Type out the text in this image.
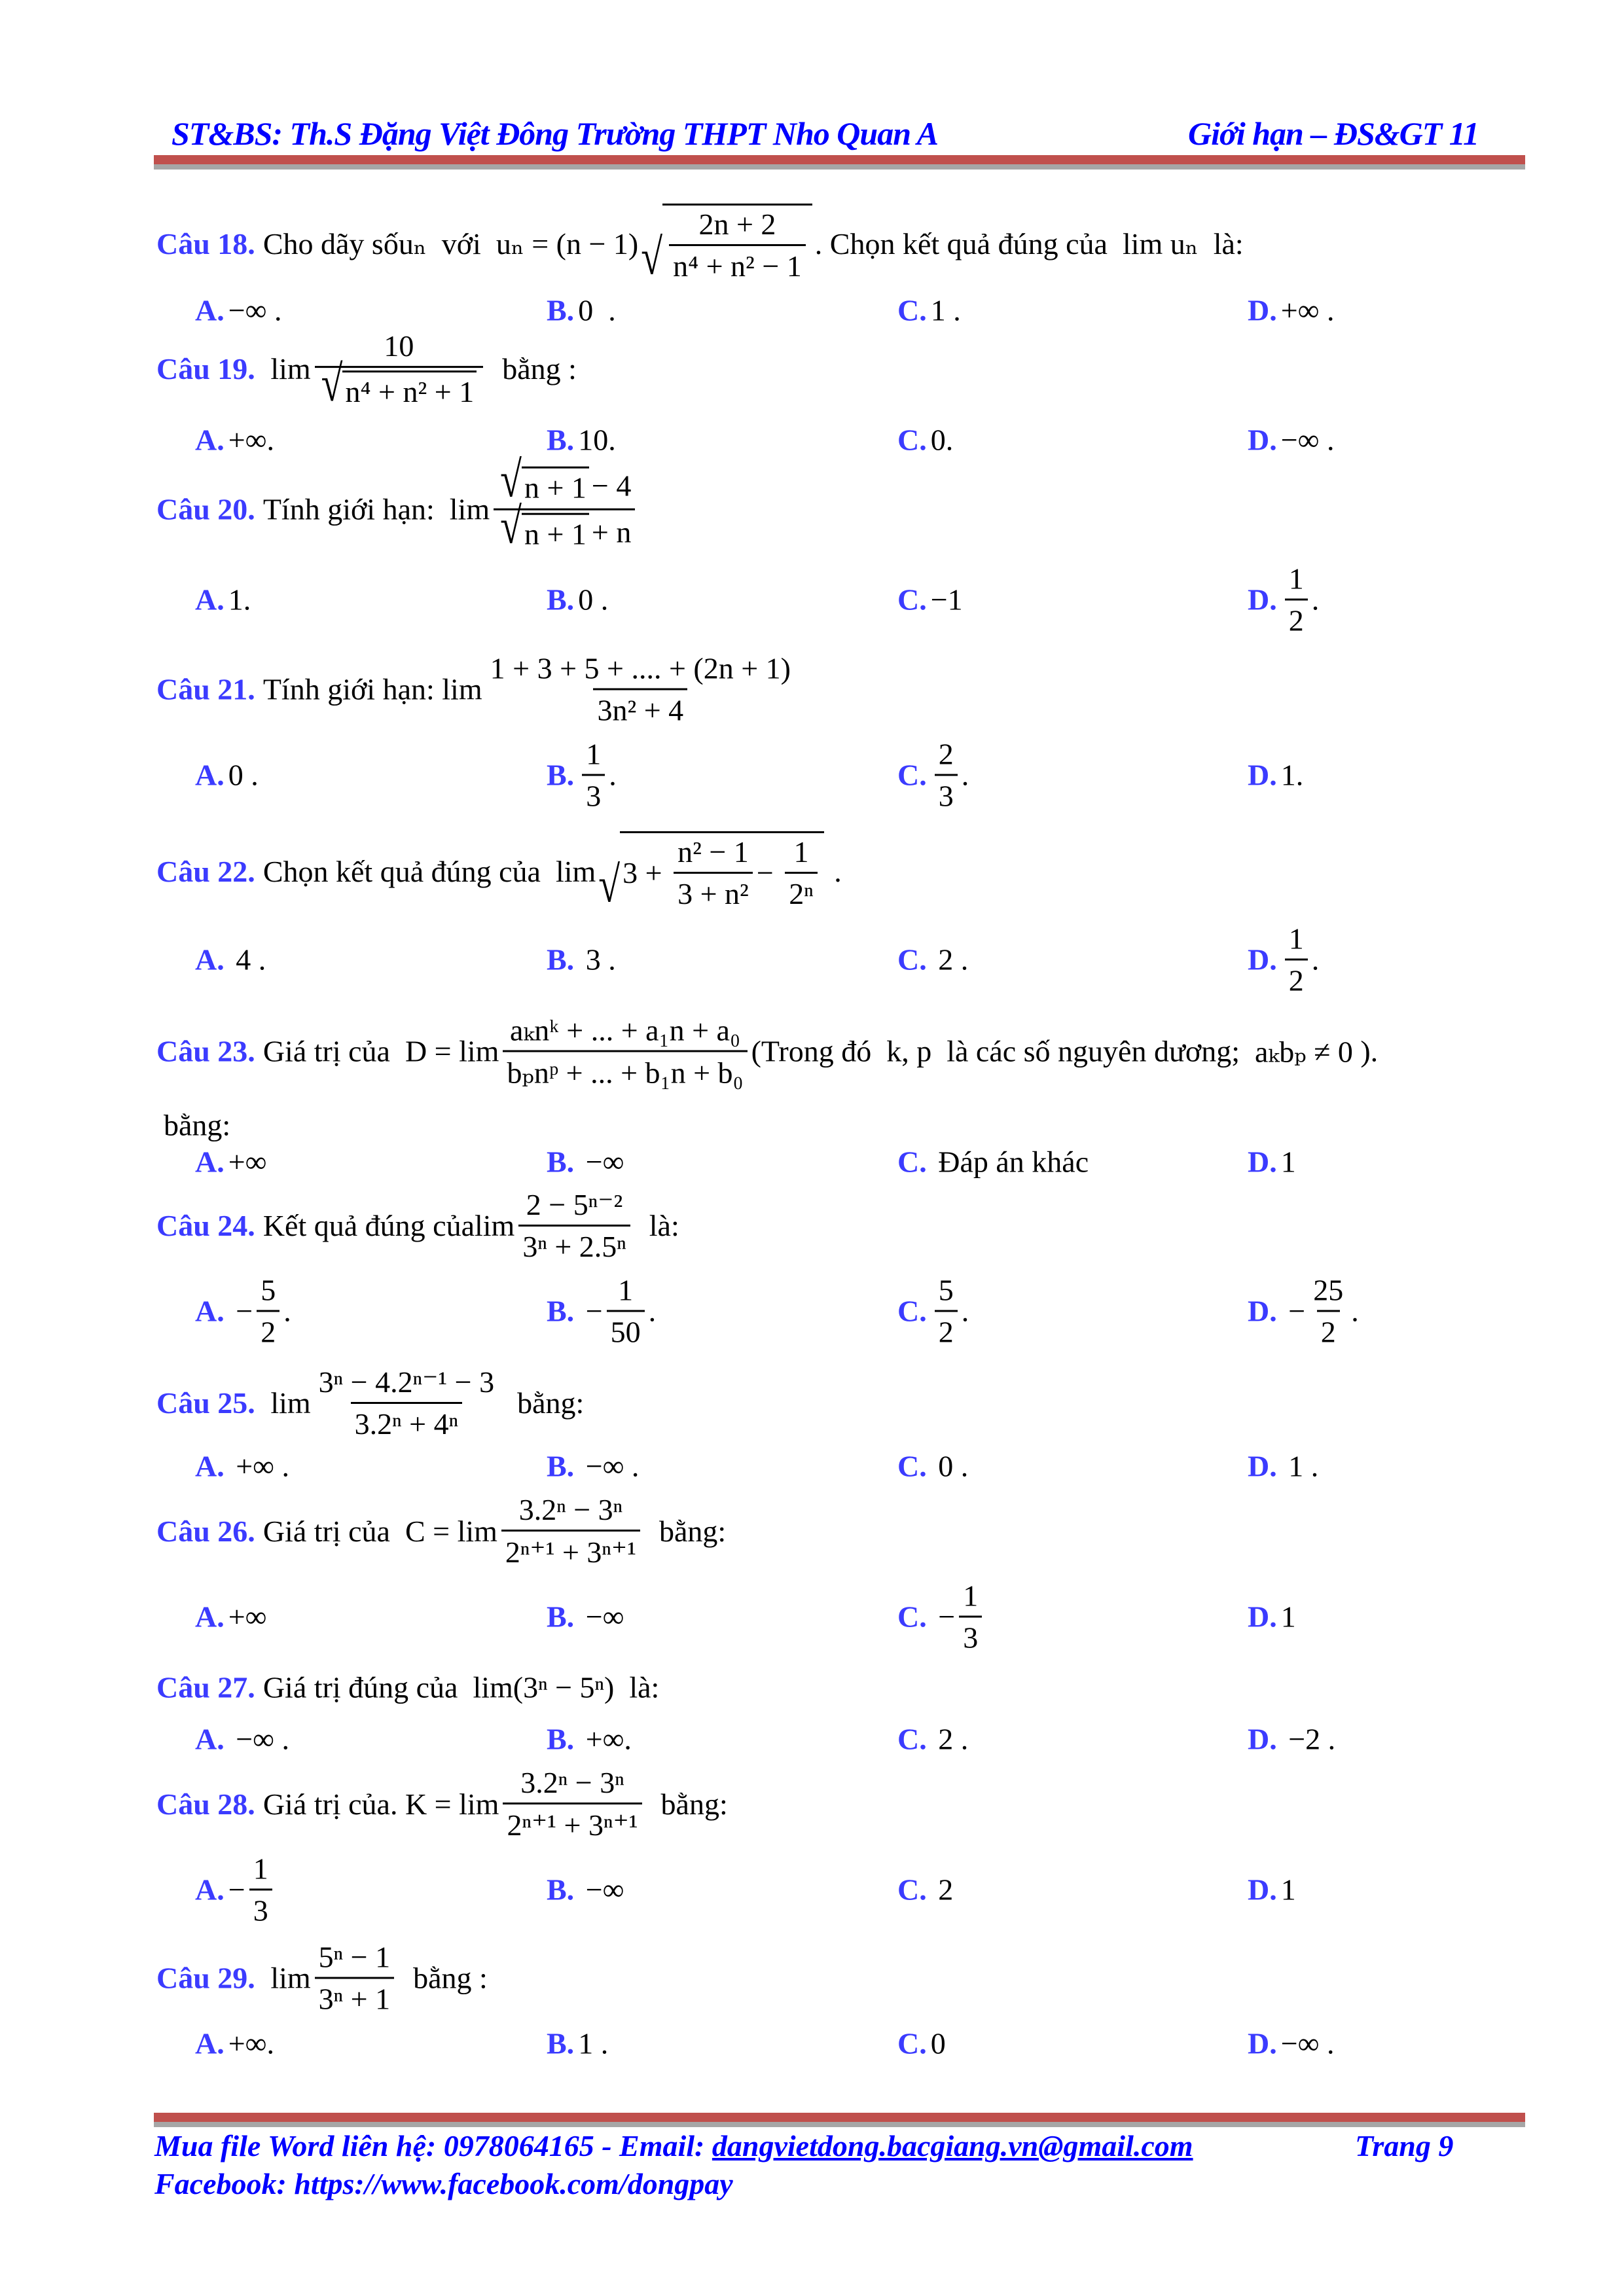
ST&BS: Th.S Đặng Việt Đông Trường THPT Nho Quan A	Giới hạn – ĐS&GT 11
Câu 18. Cho dãy số uₙ với uₙ = (n − 1) √ $\frac{2n + 2}{\text{n⁴ + n² − 1}}$ . Chọn kết quả đúng của lim uₙ là:
A. −∞ .	B. 0  .	C. 1 .	D. +∞ .
Câu 19. $\lim \frac{10}{\text{√ n⁴ + n² + 1}}$ bằng :
A. +∞.	B. 10.	C. 0.	D. −∞ .
Câu 20. Tính giới hạn: $\lim \frac{√ n + 1 - 4}{√ n + 1 + n}$
A. 1.	B. 0 .	C. −1	D. $\frac{1}{2}$ .
Câu 21. Tính giới hạn: $\lim \frac{1 + 3 + 5 + .... + (2n + 1)}{\text{3n² + 4}}$
A. 0 .	B. $\frac{1}{3}$ .	C. $\frac{2}{3}$ .	D. 1.
Câu 22. Chọn kết quả đúng của lim √ $3 + \frac{\text{n² − 1}}{\text{3 + n²}} - \frac{1}{\text{2ⁿ}}$ .
A. 4 .	B. 3 .	C. 2 .	D. $\frac{1}{2}$ .
Câu 23. Giá trị của $D = \lim \frac{\text{aₖnᵏ + ... + a₁n + a₀}}{\text{bₚnᵖ + ... + b₁n + b₀}}$ (Trong đó k, p là các số nguyên dương; aₖbₚ ≠ 0 ).
bằng:
A. +∞	B. −∞	C. Đáp án khác	D. 1
Câu 24. Kết quả đúng của $\lim \frac{\text{2 − 5ⁿ⁻²}}{\text{3ⁿ + 2.5ⁿ}}$ là:
A. − $\frac{5}{2}$ .	B. − $\frac{1}{50}$ .	C. $\frac{5}{2}$ .	D. − $\frac{25}{2}$ .
Câu 25. $\lim \frac{\text{3ⁿ − 4.2ⁿ⁻¹ − 3}}{\text{3.2ⁿ + 4ⁿ}}$ bằng:
A. +∞ .	B. −∞ .	C. 0 .	D. 1 .
Câu 26. Giá trị của $C = \lim \frac{\text{3.2ⁿ − 3ⁿ}}{\text{2ⁿ⁺¹ + 3ⁿ⁺¹}}$ bằng:
A. +∞	B. −∞	C. − $\frac{1}{3}$	D. 1
Câu 27. Giá trị đúng của lim(3ⁿ − 5ⁿ) là:
A. −∞ .	B. +∞.	C. 2 .	D. −2 .
Câu 28. Giá trị của . $K = \lim \frac{\text{3.2ⁿ − 3ⁿ}}{\text{2ⁿ⁺¹ + 3ⁿ⁺¹}}$ bằng:
A. − $\frac{1}{3}$	B. −∞	C. 2	D. 1
Câu 29. $\lim \frac{\text{5ⁿ − 1}}{\text{3ⁿ + 1}}$ bằng :
A. +∞.	B. 1 .	C. 0	D. −∞ .
Mua file Word liên hệ: 0978064165 - Email: dangvietdong.bacgiang.vn@gmail.com	Trang 9
Facebook: https://www.facebook.com/dongpay
